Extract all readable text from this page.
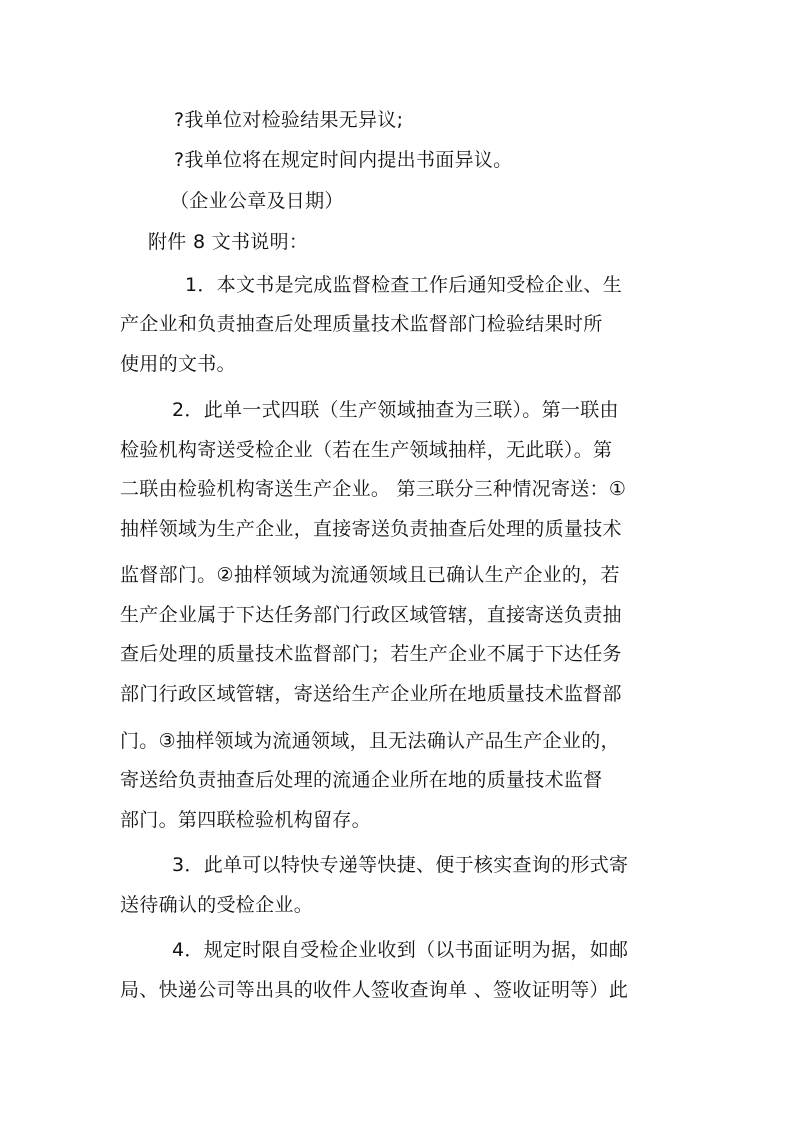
?我单位对检验结果无异议;
?我单位将在规定时间内提出书面异议。
（企业公章及日期）
附件 8 文书说明：
1．本文书是完成监督检查工作后通知受检企业、生
产企业和负责抽查后处理质量技术监督部门检验结果时所
使用的文书。
2．此单一式四联（生产领域抽查为三联）。第一联由
检验机构寄送受检企业（若在生产领域抽样，无此联）。第
二联由检验机构寄送生产企业。 第三联分三种情况寄送：①
抽样领域为生产企业，直接寄送负责抽查后处理的质量技术
监督部门。②抽样领域为流通领域且已确认生产企业的，若
生产企业属于下达任务部门行政区域管辖，直接寄送负责抽
查后处理的质量技术监督部门；若生产企业不属于下达任务
部门行政区域管辖，寄送给生产企业所在地质量技术监督部
门。③抽样领域为流通领域，且无法确认产品生产企业的，
寄送给负责抽查后处理的流通企业所在地的质量技术监督
部门。第四联检验机构留存。
3．此单可以特快专递等快捷、便于核实查询的形式寄
送待确认的受检企业。
4．规定时限自受检企业收到（以书面证明为据，如邮
局、快递公司等出具的收件人签收查询单 、签收证明等）此
